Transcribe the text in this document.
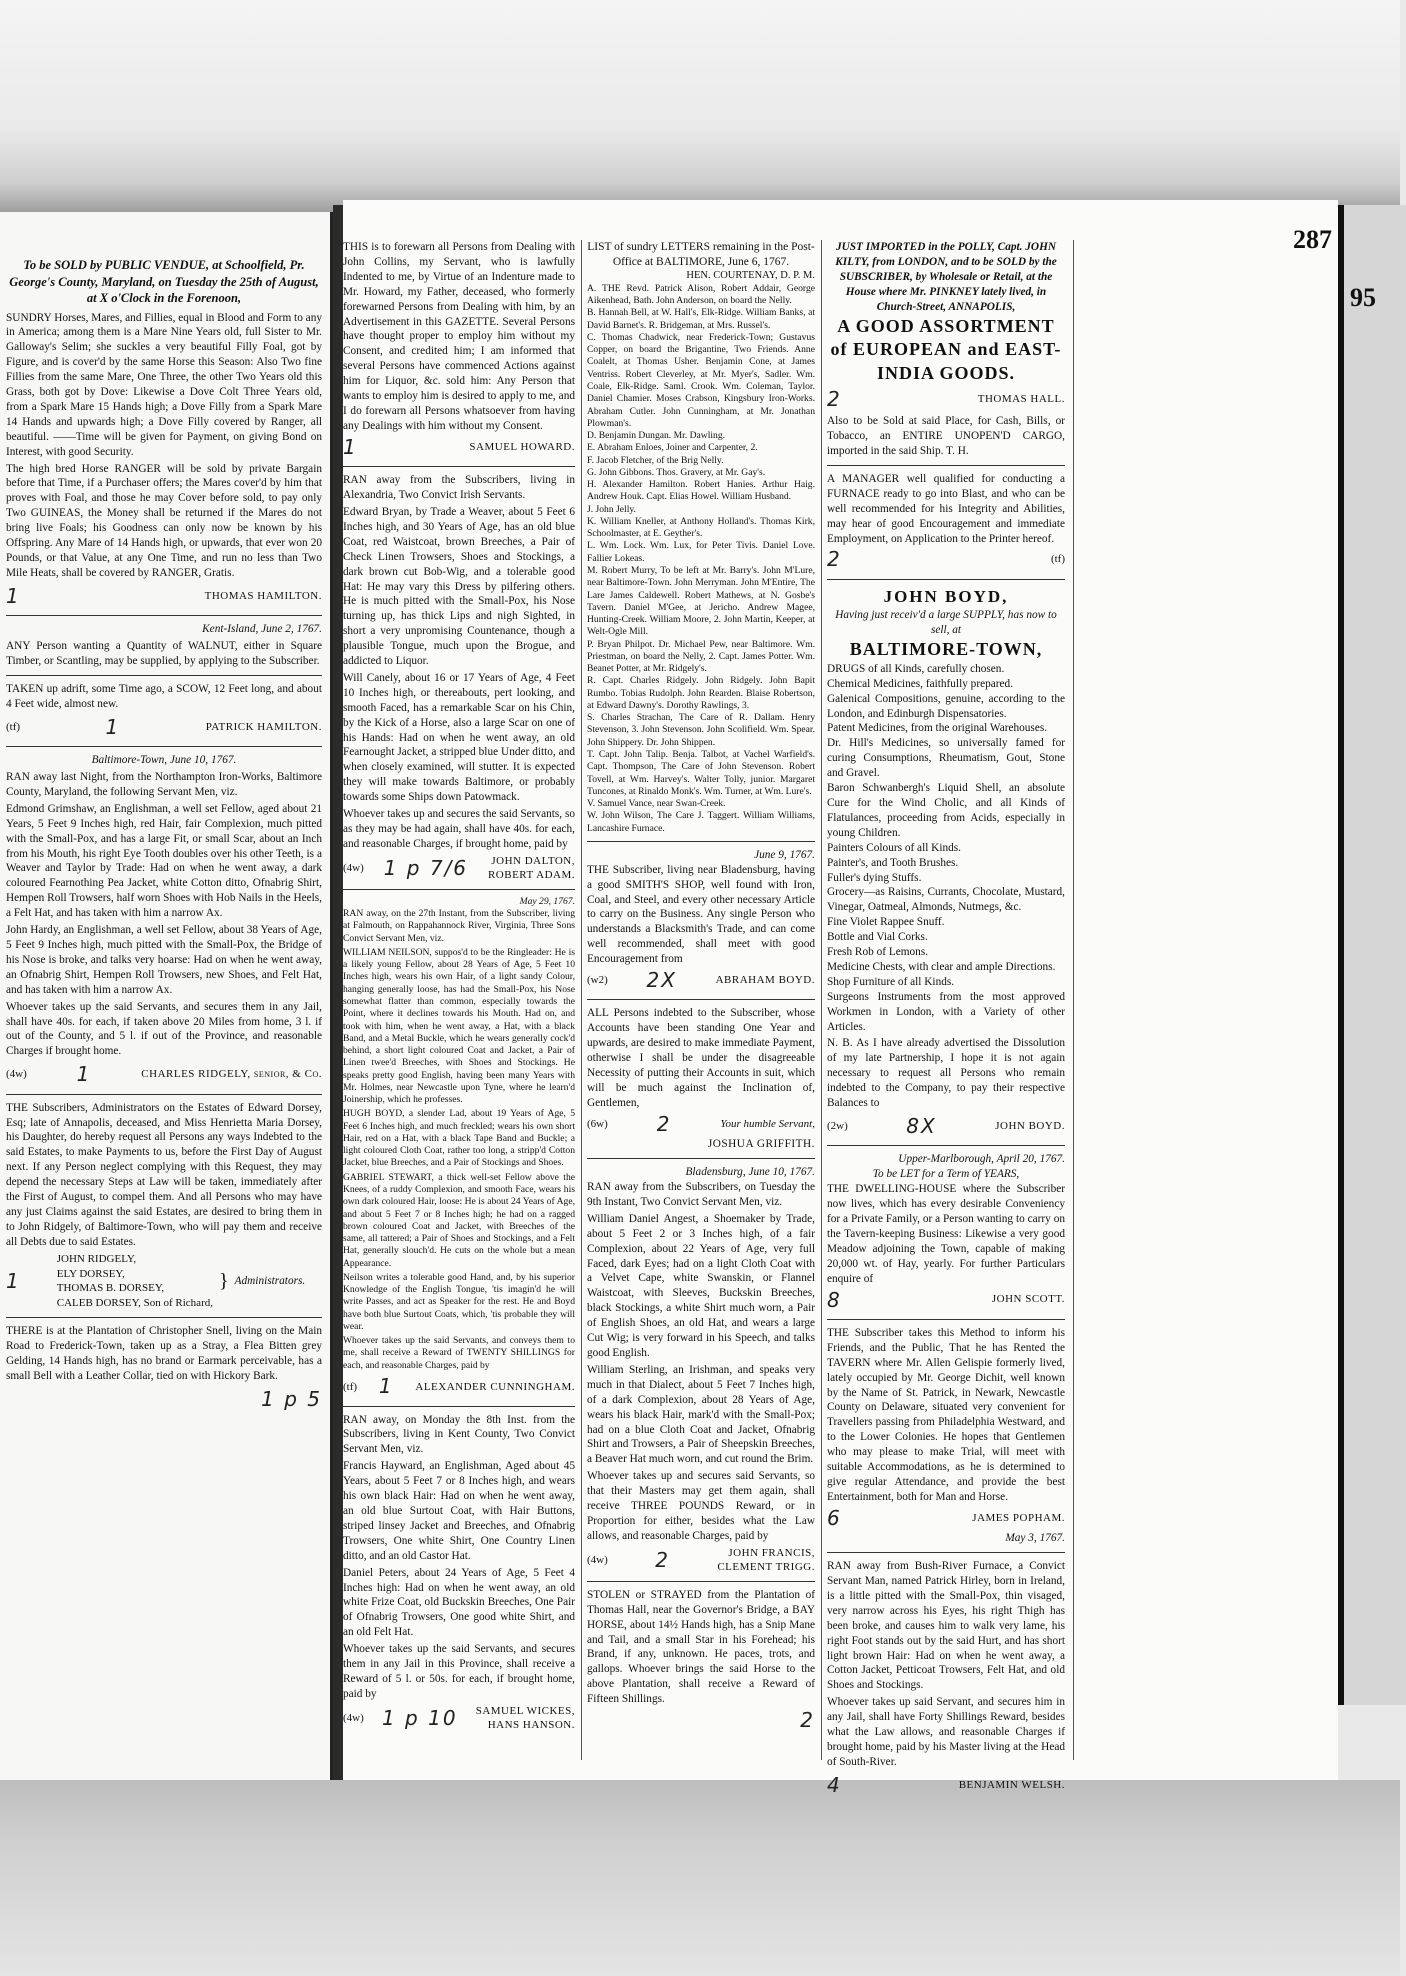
To be SOLD by PUBLIC VENDUE, at Schoolfield, Pr. George's County, Maryland, on Tuesday the 25th of August, at X o'Clock in the Forenoon,

SUNDRY Horses, Mares, and Fillies, equal in Blood and Form to any in America; among them is a Mare Nine Years old, full Sister to Mr. Galloway's Selim; she suckles a very beautiful Filly Foal, got by Figure, and is cover'd by the same Horse this Season: Also Two fine Fillies from the same Mare, One Three, the other Two Years old this Grass, both got by Dove: Likewise a Dove Colt Three Years old, from a Spark Mare 15 Hands high; a Dove Filly from a Spark Mare 14 Hands and upwards high; a Dove Filly covered by Ranger, all beautiful. ——Time will be given for Payment, on giving Bond on Interest, with good Security.

The high bred Horse RANGER will be sold by private Bargain before that Time, if a Purchaser offers; the Mares cover'd by him that proves with Foal, and those he may Cover before sold, to pay only Two GUINEAS, the Money shall be returned if the Mares do not bring live Foals; his Goodness can only now be known by his Offspring. Any Mare of 14 Hands high, or upwards, that ever won 20 Pounds, or that Value, at any One Time, and run no less than Two Mile Heats, shall be covered by RANGER, Gratis.

1	THOMAS HAMILTON.
Kent-Island, June 2, 1767.

ANY Person wanting a Quantity of WALNUT, either in Square Timber, or Scantling, may be supplied, by applying to the Subscriber.

TAKEN up adrift, some Time ago, a SCOW, 12 Feet long, and about 4 Feet wide, almost new.

(tf)	1	PATRICK HAMILTON.
Baltimore-Town, June 10, 1767.

RAN away last Night, from the Northampton Iron-Works, Baltimore County, Maryland, the following Servant Men, viz.

Edmond Grimshaw, an Englishman, a well set Fellow, aged about 21 Years, 5 Feet 9 Inches high, red Hair, fair Complexion, much pitted with the Small-Pox, and has a large Fit, or small Scar, about an Inch from his Mouth, his right Eye Tooth doubles over his other Teeth, is a Weaver and Taylor by Trade: Had on when he went away, a dark coloured Fearnothing Pea Jacket, white Cotton ditto, Ofnabrig Shirt, Hempen Roll Trowsers, half worn Shoes with Hob Nails in the Heels, a Felt Hat, and has taken with him a narrow Ax.

John Hardy, an Englishman, a well set Fellow, about 38 Years of Age, 5 Feet 9 Inches high, much pitted with the Small-Pox, the Bridge of his Nose is broke, and talks very hoarse: Had on when he went away, an Ofnabrig Shirt, Hempen Roll Trowsers, new Shoes, and Felt Hat, and has taken with him a narrow Ax.

Whoever takes up the said Servants, and secures them in any Jail, shall have 40s. for each, if taken above 20 Miles from home, 3 l. if out of the County, and 5 l. if out of the Province, and reasonable Charges if brought home.

(4w) 1	CHARLES RIDGELY, senior, & Co.

THE Subscribers, Administrators on the Estates of Edward Dorsey, Esq; late of Annapolis, deceased, and Miss Henrietta Maria Dorsey, his Daughter, do hereby request all Persons any ways Indebted to the said Estates, to make Payments to us, before the First Day of August next. If any Person neglect complying with this Request, they may depend the necessary Steps at Law will be taken, immediately after the First of August, to compel them. And all Persons who may have any just Claims against the said Estates, are desired to bring them in to John Ridgely, of Baltimore-Town, who will pay them and receive all Debts due to said Estates.

1
JOHN RIDGELY,
ELY DORSEY,
THOMAS B. DORSEY,
CALEB DORSEY, Son of Richard,
} Administrators.

THERE is at the Plantation of Christopher Snell, living on the Main Road to Frederick-Town, taken up as a Stray, a Flea Bitten grey Gelding, 14 Hands high, has no brand or Earmark perceivable, has a small Bell with a Leather Collar, tied on with Hickory Bark.

1 p 5
287

THIS is to forewarn all Persons from Dealing with John Collins, my Servant, who is lawfully Indented to me, by Virtue of an Indenture made to Mr. Howard, my Father, deceased, who formerly forewarned Persons from Dealing with him, by an Advertisement in this GAZETTE. Several Persons have thought proper to employ him without my Consent, and credited him; I am informed that several Persons have commenced Actions against him for Liquor, &c. sold him: Any Person that wants to employ him is desired to apply to me, and I do forewarn all Persons whatsoever from having any Dealings with him without my Consent.

1	SAMUEL HOWARD.

RAN away from the Subscribers, living in Alexandria, Two Convict Irish Servants.

Edward Bryan, by Trade a Weaver, about 5 Feet 6 Inches high, and 30 Years of Age, has an old blue Coat, red Waistcoat, brown Breeches, a Pair of Check Linen Trowsers, Shoes and Stockings, a dark brown cut Bob-Wig, and a tolerable good Hat: He may vary this Dress by pilfering others. He is much pitted with the Small-Pox, his Nose turning up, has thick Lips and nigh Sighted, in short a very unpromising Countenance, though a plausible Tongue, much upon the Brogue, and addicted to Liquor.

Will Canely, about 16 or 17 Years of Age, 4 Feet 10 Inches high, or thereabouts, pert looking, and smooth Faced, has a remarkable Scar on his Chin, by the Kick of a Horse, also a large Scar on one of his Hands: Had on when he went away, an old Fearnought Jacket, a stripped blue Under ditto, and when closely examined, will stutter. It is expected they will make towards Baltimore, or probably towards some Ships down Patowmack.

Whoever takes up and secures the said Servants, so as they may be had again, shall have 40s. for each, and reasonable Charges, if brought home, paid by

(4w) 1 p 7/6	JOHN DALTON,
ROBERT ADAM.
May 29, 1767.

RAN away, on the 27th Instant, from the Subscriber, living at Falmouth, on Rappahannock River, Virginia, Three Sons Convict Servant Men, viz.

WILLIAM NEILSON, suppos'd to be the Ringleader: He is a likely young Fellow, about 28 Years of Age, 5 Feet 10 Inches high, wears his own Hair, of a light sandy Colour, hanging generally loose, has had the Small-Pox, his Nose somewhat flatter than common, especially towards the Point, where it declines towards his Mouth. Had on, and took with him, when he went away, a Hat, with a black Band, and a Metal Buckle, which he wears generally cock'd behind, a short light coloured Coat and Jacket, a Pair of Linen twee'd Breeches, with Shoes and Stockings. He speaks pretty good English, having been many Years with Mr. Holmes, near Newcastle upon Tyne, where he learn'd Joinership, which he professes.

HUGH BOYD, a slender Lad, about 19 Years of Age, 5 Feet 6 Inches high, and much freckled; wears his own short Hair, red on a Hat, with a black Tape Band and Buckle; a light coloured Cloth Coat, rather too long, a stripp'd Cotton Jacket, blue Breeches, and a Pair of Stockings and Shoes.

GABRIEL STEWART, a thick well-set Fellow above the Knees, of a ruddy Complexion, and smooth Face, wears his own dark coloured Hair, loose: He is about 24 Years of Age, and about 5 Feet 7 or 8 Inches high; he had on a ragged brown coloured Coat and Jacket, with Breeches of the same, all tattered; a Pair of Shoes and Stockings, and a Felt Hat, generally slouch'd. He cuts on the whole but a mean Appearance.

Neilson writes a tolerable good Hand, and, by his superior Knowledge of the English Tongue, 'tis imagin'd he will write Passes, and act as Speaker for the rest. He and Boyd have both blue Surtout Coats, which, 'tis probable they will wear.

Whoever takes up the said Servants, and conveys them to me, shall receive a Reward of TWENTY SHILLINGS for each, and reasonable Charges, paid by

(tf) 1 ALEXANDER CUNNINGHAM.

RAN away, on Monday the 8th Inst. from the Subscribers, living in Kent County, Two Convict Servant Men, viz.

Francis Hayward, an Englishman, Aged about 45 Years, about 5 Feet 7 or 8 Inches high, and wears his own black Hair: Had on when he went away, an old blue Surtout Coat, with Hair Buttons, striped linsey Jacket and Breeches, and Ofnabrig Trowsers, One white Shirt, One Country Linen ditto, and an old Castor Hat.

Daniel Peters, about 24 Years of Age, 5 Feet 4 Inches high: Had on when he went away, an old white Frize Coat, old Buckskin Breeches, One Pair of Ofnabrig Trowsers, One good white Shirt, and an old Felt Hat.

Whoever takes up the said Servants, and secures them in any Jail in this Province, shall receive a Reward of 5 l. or 50s. for each, if brought home, paid by

(4w) 1 p 10 SAMUEL WICKES,
HANS HANSON.
LIST of sundry LETTERS remaining in the Post-Office at BALTIMORE, June 6, 1767.
HEN. COURTENAY, D. P. M.
A. THE Revd. Patrick Alison, Robert Addair, George Aikenhead, Bath. John Anderson, on board the Nelly.
B. Hannah Bell, at W. Hall's, Elk-Ridge. William Banks, at David Barnet's. R. Bridgeman, at Mrs. Russel's.
C. Thomas Chadwick, near Frederick-Town; Gustavus Copper, on board the Brigantine, Two Friends. Anne Coalelt, at Thomas Usher. Benjamin Cone, at James Ventriss. Robert Cleverley, at Mr. Myer's, Sadler. Wm. Coale, Elk-Ridge. Saml. Crook. Wm. Coleman, Taylor. Daniel Chamier. Moses Crabson, Kingsbury Iron-Works. Abraham Cutler. John Cunningham, at Mr. Jonathan Plowman's.
D. Benjamin Dungan. Mr. Dawling.
E. Abraham Enloes, Joiner and Carpenter, 2.
F. Jacob Fletcher, of the Brig Nelly.
G. John Gibbons. Thos. Gravery, at Mr. Gay's.
H. Alexander Hamilton. Robert Hanies. Arthur Haig. Andrew Houk. Capt. Elias Howel. William Husband.
J. John Jelly.
K. William Kneller, at Anthony Holland's. Thomas Kirk, Schoolmaster, at E. Geyther's.
L. Wm. Lock. Wm. Lux, for Peter Tivis. Daniel Love. Fallier Lokeas.
M. Robert Murry, To be left at Mr. Barry's. John M'Lure, near Baltimore-Town. John Merryman. John M'Entire, The Lare James Caldewell. Robert Mathews, at N. Gosbe's Tavern. Daniel M'Gee, at Jericho. Andrew Magee, Hunting-Creek. William Moore, 2. John Martin, Keeper, at Welt-Ogle Mill.
P. Bryan Philpot. Dr. Michael Pew, near Baltimore. Wm. Priestman, on board the Nelly, 2. Capt. James Potter. Wm. Beanet Potter, at Mr. Ridgely's.
R. Capt. Charles Ridgely. John Ridgely. John Bapit Rumbo. Tobias Rudolph. John Rearden. Blaise Robertson, at Edward Dawny's. Dorothy Rawlings, 3.
S. Charles Strachan, The Care of R. Dallam. Henry Stevenson, 3. John Stevenson. John Scolifield. Wm. Spear. John Shippery. Dr. John Shippen.
T. Capt. John Talip. Benja. Talbot, at Vachel Warfield's. Capt. Thompson, The Care of John Stevenson. Robert Tovell, at Wm. Harvey's. Walter Tolly, junior. Margaret Tuncones, at Rinaldo Monk's. Wm. Turner, at Wm. Lure's.
V. Samuel Vance, near Swan-Creek.
W. John Wilson, The Care J. Taggert. William Williams, Lancashire Furnace.
June 9, 1767.

THE Subscriber, living near Bladensburg, having a good SMITH'S SHOP, well found with Iron, Coal, and Steel, and every other necessary Article to carry on the Business. Any single Person who understands a Blacksmith's Trade, and can come well recommended, shall meet with good Encouragement from

(w2) 2X	ABRAHAM BOYD.

ALL Persons indebted to the Subscriber, whose Accounts have been standing One Year and upwards, are desired to make immediate Payment, otherwise I shall be under the disagreeable Necessity of putting their Accounts in suit, which will be much against the Inclination of, Gentlemen,

(6w) 2	Your humble Servant,
JOSHUA GRIFFITH.
Bladensburg, June 10, 1767.

RAN away from the Subscribers, on Tuesday the 9th Instant, Two Convict Servant Men, viz.

William Daniel Angest, a Shoemaker by Trade, about 5 Feet 2 or 3 Inches high, of a fair Complexion, about 22 Years of Age, very full Faced, dark Eyes; had on a light Cloth Coat with a Velvet Cape, white Swanskin, or Flannel Waistcoat, with Sleeves, Buckskin Breeches, black Stockings, a white Shirt much worn, a Pair of English Shoes, an old Hat, and wears a large Cut Wig; is very forward in his Speech, and talks good English.

William Sterling, an Irishman, and speaks very much in that Dialect, about 5 Feet 7 Inches high, of a dark Complexion, about 28 Years of Age, wears his black Hair, mark'd with the Small-Pox; had on a blue Cloth Coat and Jacket, Ofnabrig Shirt and Trowsers, a Pair of Sheepskin Breeches, a Beaver Hat much worn, and cut round the Brim.

Whoever takes up and secures said Servants, so that their Masters may get them again, shall receive THREE POUNDS Reward, or in Proportion for either, besides what the Law allows, and reasonable Charges, paid by

(4w) 2	JOHN FRANCIS,
CLEMENT TRIGG.

STOLEN or STRAYED from the Plantation of Thomas Hall, near the Governor's Bridge, a BAY HORSE, about 14½ Hands high, has a Snip Mane and Tail, and a small Star in his Forehead; his Brand, if any, unknown. He paces, trots, and gallops. Whoever brings the said Horse to the above Plantation, shall receive a Reward of Fifteen Shillings.

2
JUST IMPORTED in the POLLY, Capt. JOHN KILTY, from LONDON, and to be SOLD by the SUBSCRIBER, by Wholesale or Retail, at the House where Mr. PINKNEY lately lived, in Church-Street, ANNAPOLIS,
A GOOD ASSORTMENT of EUROPEAN and EAST-INDIA GOODS.
2	THOMAS HALL.

Also to be Sold at said Place, for Cash, Bills, or Tobacco, an ENTIRE UNOPEN'D CARGO, imported in the said Ship. T. H.

A MANAGER well qualified for conducting a FURNACE ready to go into Blast, and who can be well recommended for his Integrity and Abilities, may hear of good Encouragement and immediate Employment, on Application to the Printer hereof.

2	(tf)
JOHN BOYD,
Having just receiv'd a large SUPPLY, has now to sell, at
BALTIMORE-TOWN,
DRUGS of all Kinds, carefully chosen.
Chemical Medicines, faithfully prepared.
Galenical Compositions, genuine, according to the London, and Edinburgh Dispensatories.
Patent Medicines, from the original Warehouses.
Dr. Hill's Medicines, so universally famed for curing Consumptions, Rheumatism, Gout, Stone and Gravel.
Baron Schwanbergh's Liquid Shell, an absolute Cure for the Wind Cholic, and all Kinds of Flatulances, proceeding from Acids, especially in young Children.
Painters Colours of all Kinds.
Painter's, and Tooth Brushes.
Fuller's dying Stuffs.
Grocery—as Raisins, Currants, Chocolate, Mustard, Vinegar, Oatmeal, Almonds, Nutmegs, &c.
Fine Violet Rappee Snuff.
Bottle and Vial Corks.
Fresh Rob of Lemons.
Medicine Chests, with clear and ample Directions.
Shop Furniture of all Kinds.
Surgeons Instruments from the most approved Workmen in London, with a Variety of other Articles.

N. B. As I have already advertised the Dissolution of my late Partnership, I hope it is not again necessary to request all Persons who remain indebted to the Company, to pay their respective Balances to

(2w)	8X	JOHN BOYD.
Upper-Marlborough, April 20, 1767.
To be LET for a Term of YEARS,

THE DWELLING-HOUSE where the Subscriber now lives, which has every desirable Conveniency for a Private Family, or a Person wanting to carry on the Tavern-keeping Business: Likewise a very good Meadow adjoining the Town, capable of making 20,000 wt. of Hay, yearly. For further Particulars enquire of

8	JOHN SCOTT.

THE Subscriber takes this Method to inform his Friends, and the Public, That he has Rented the TAVERN where Mr. Allen Gelispie formerly lived, lately occupied by Mr. George Dichit, well known by the Name of St. Patrick, in Newark, Newcastle County on Delaware, situated very convenient for Travellers passing from Philadelphia Westward, and to the Lower Colonies. He hopes that Gentlemen who may please to make Trial, will meet with suitable Accommodations, as he is determined to give regular Attendance, and provide the best Entertainment, both for Man and Horse.

6	JAMES POPHAM.
May 3, 1767.

RAN away from Bush-River Furnace, a Convict Servant Man, named Patrick Hirley, born in Ireland, is a little pitted with the Small-Pox, thin visaged, very narrow across his Eyes, his right Thigh has been broke, and causes him to walk very lame, his right Foot stands out by the said Hurt, and has short light brown Hair: Had on when he went away, a Cotton Jacket, Petticoat Trowsers, Felt Hat, and old Shoes and Stockings.

Whoever takes up said Servant, and secures him in any Jail, shall have Forty Shillings Reward, besides what the Law allows, and reasonable Charges if brought home, paid by his Master living at the Head of South-River.

4	BENJAMIN WELSH.
95
